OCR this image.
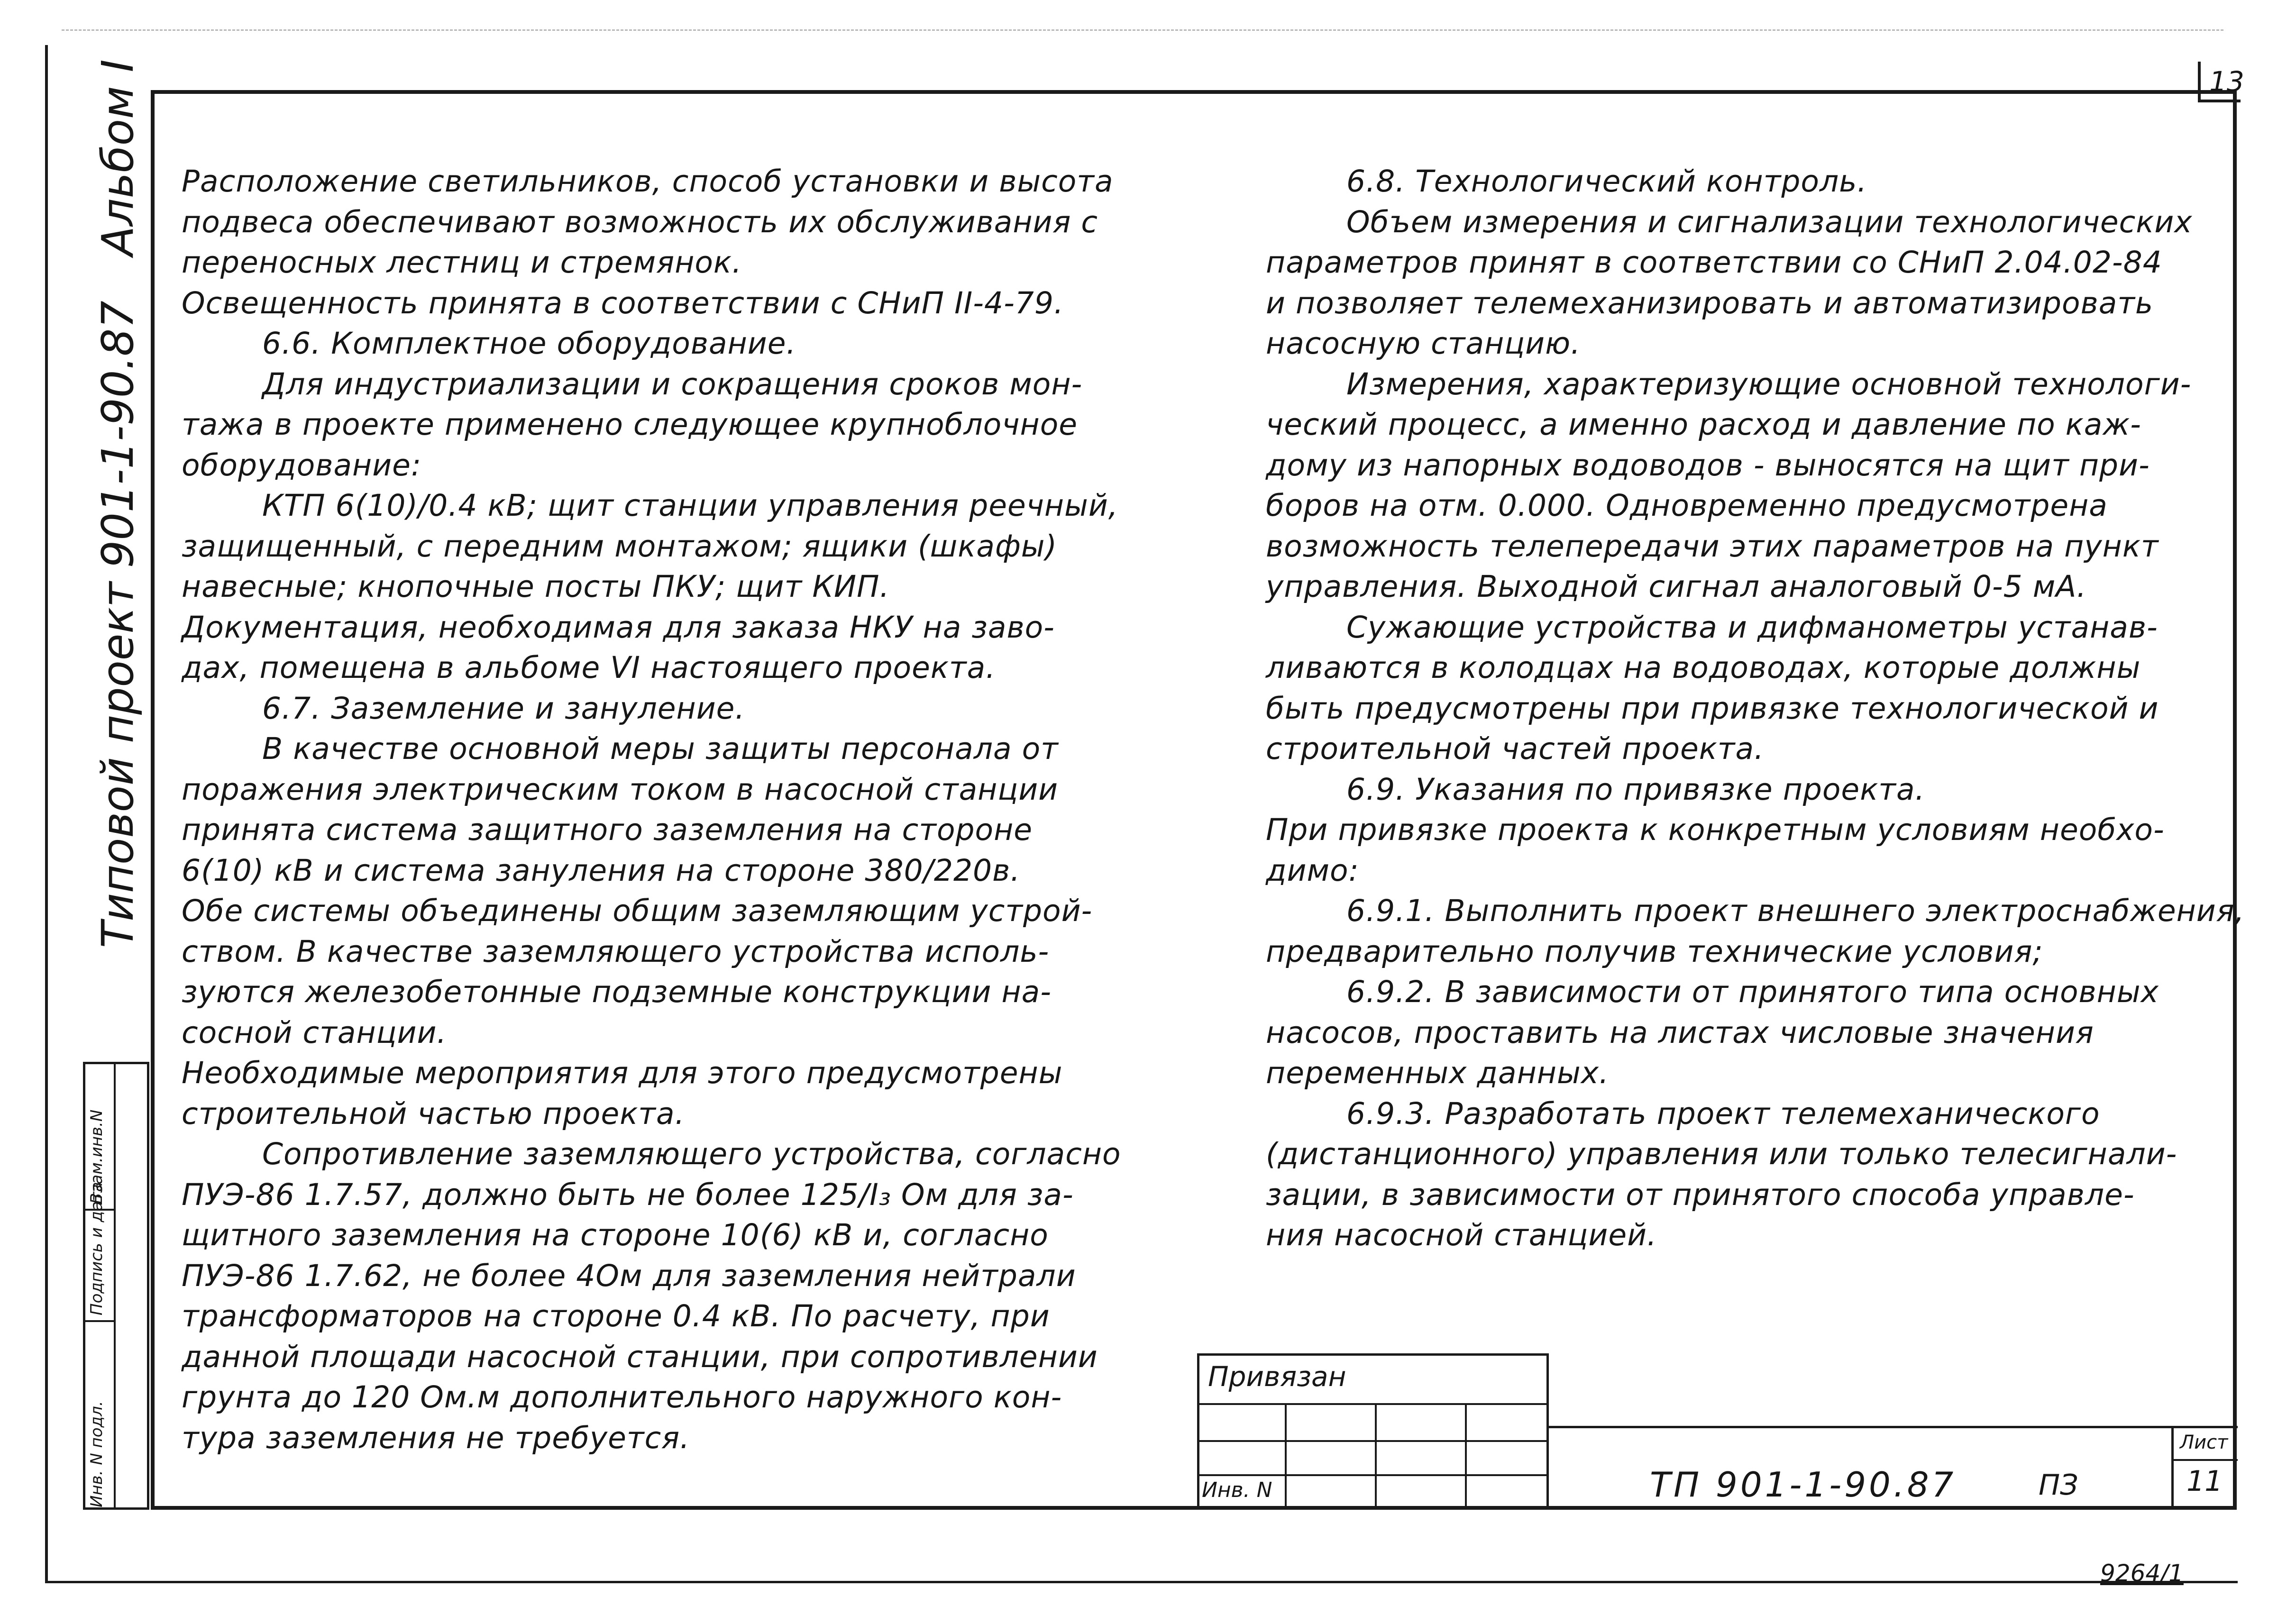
13
Типовой проект 901-1-90.87
Альбом I
Инв. N подл.
Подпись и дата
Взам.инв.N
Расположение светильников, способ установки и высота
подвеса обеспечивают возможность их обслуживания с
переносных лестниц и стремянок.
Освещенность принята в соответствии с СНиП II-4-79.
6.6. Комплектное оборудование.
Для индустриализации и сокращения сроков мон-
тажа в проекте применено следующее крупноблочное
оборудование:
КТП 6(10)/0.4 кВ; щит станции управления реечный,
защищенный, с передним монтажом; ящики (шкафы)
навесные; кнопочные посты ПКУ; щит КИП.
Документация, необходимая для заказа НКУ на заво-
дах, помещена в альбоме VI настоящего проекта.
6.7. Заземление и зануление.
В качестве основной меры защиты персонала от
поражения электрическим током в насосной станции
принята система защитного заземления на стороне
6(10) кВ и система зануления на стороне 380/220в.
Обе системы объединены общим заземляющим устрой-
ством. В качестве заземляющего устройства исполь-
зуются железобетонные подземные конструкции на-
сосной станции.
Необходимые мероприятия для этого предусмотрены
строительной частью проекта.
Сопротивление заземляющего устройства, согласно
ПУЭ-86 1.7.57, должно быть не более 125/I₃ Ом для за-
щитного заземления на стороне 10(6) кВ и, согласно
ПУЭ-86 1.7.62, не более 4Ом для заземления нейтрали
трансформаторов на стороне 0.4 кВ. По расчету, при
данной площади насосной станции, при сопротивлении
грунта до 120 Ом.м дополнительного наружного кон-
тура заземления не требуется.
6.8. Технологический контроль.
Объем измерения и сигнализации технологических
параметров принят в соответствии со СНиП 2.04.02-84
и позволяет телемеханизировать и автоматизировать
насосную станцию.
Измерения, характеризующие основной технологи-
ческий процесс, а именно расход и давление по каж-
дому из напорных водоводов - выносятся на щит при-
боров на отм. 0.000. Одновременно предусмотрена
возможность телепередачи этих параметров на пункт
управления. Выходной сигнал аналоговый 0-5 мА.
Сужающие устройства и дифманометры устанав-
ливаются в колодцах на водоводах, которые должны
быть предусмотрены при привязке технологической и
строительной частей проекта.
6.9. Указания по привязке проекта.
При привязке проекта к конкретным условиям необхо-
димо:
6.9.1. Выполнить проект внешнего электроснабжения,
предварительно получив технические условия;
6.9.2. В зависимости от принятого типа основных
насосов, проставить на листах числовые значения
переменных данных.
6.9.3. Разработать проект телемеханического
(дистанционного) управления или только телесигнали-
зации, в зависимости от принятого способа управле-
ния насосной станцией.
Привязан
Инв. N	ТП 901-1-90.87	ПЗ
Лист
11
9264/1
